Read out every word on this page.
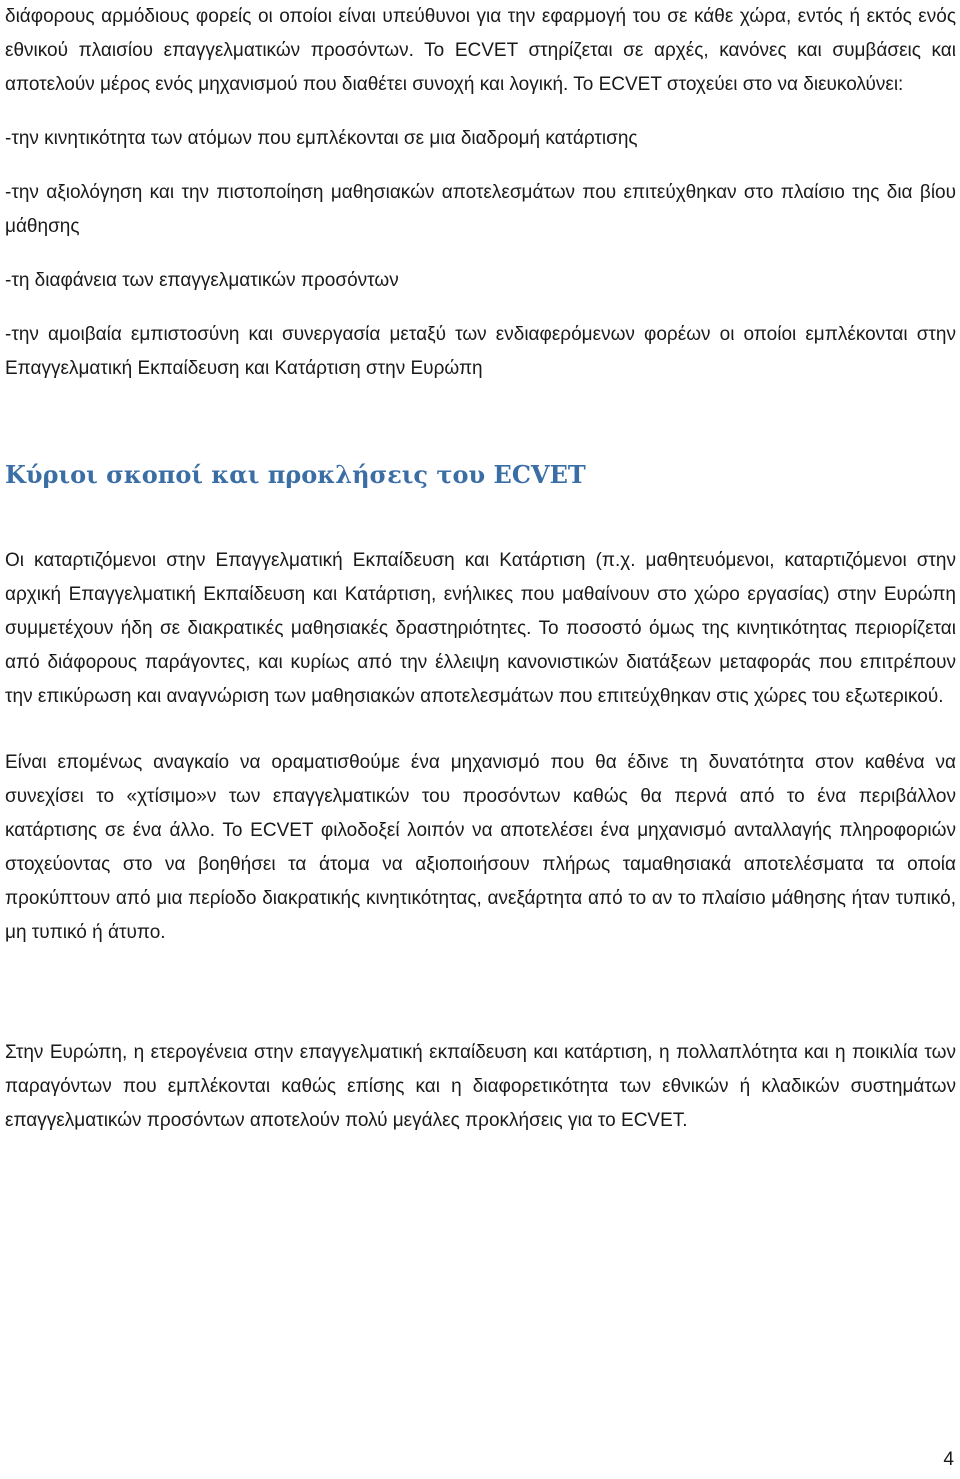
διάφορους αρμόδιους φορείς οι οποίοι είναι υπεύθυνοι για την εφαρμογή του σε κάθε χώρα, εντός ή εκτός ενός εθνικού πλαισίου επαγγελματικών προσόντων. Το ECVET στηρίζεται σε αρχές, κανόνες και συμβάσεις και αποτελούν μέρος ενός μηχανισμού που διαθέτει συνοχή και λογική. Το ECVET στοχεύει στο να διευκολύνει:

-την κινητικότητα των ατόμων που εμπλέκονται σε μια διαδρομή κατάρτισης

-την αξιολόγηση και την πιστοποίηση μαθησιακών αποτελεσμάτων που επιτεύχθηκαν στο πλαίσιο της δια βίου μάθησης

-τη διαφάνεια των επαγγελματικών προσόντων

-την αμοιβαία εμπιστοσύνη και συνεργασία μεταξύ των ενδιαφερόμενων φορέων οι οποίοι εμπλέκονται στην Επαγγελματική Εκπαίδευση και Κατάρτιση στην Ευρώπη

Κύριοι σκοποί και προκλήσεις του ECVET

Οι καταρτιζόμενοι στην Επαγγελματική Εκπαίδευση και Κατάρτιση (π.χ. μαθητευόμενοι, καταρτιζόμενοι στην αρχική Επαγγελματική Εκπαίδευση και Κατάρτιση, ενήλικες που μαθαίνουν στο χώρο εργασίας) στην Ευρώπη συμμετέχουν ήδη σε διακρατικές μαθησιακές δραστηριότητες. Το ποσοστό όμως της κινητικότητας περιορίζεται από διάφορους παράγοντες, και κυρίως από την έλλειψη κανονιστικών διατάξεων μεταφοράς που επιτρέπουν την επικύρωση και αναγνώριση των μαθησιακών αποτελεσμάτων που επιτεύχθηκαν στις χώρες του εξωτερικού.

Είναι επομένως αναγκαίο να οραματισθούμε ένα μηχανισμό που θα έδινε τη δυνατότητα στον καθένα να συνεχίσει το «χτίσιμο»ν των επαγγελματικών του προσόντων καθώς θα περνά από το ένα περιβάλλον κατάρτισης σε ένα άλλο. Το ECVET φιλοδοξεί λοιπόν να αποτελέσει ένα μηχανισμό ανταλλαγής πληροφοριών στοχεύοντας στο να βοηθήσει τα άτομα να αξιοποιήσουν πλήρως ταμαθησιακά αποτελέσματα τα οποία προκύπτουν από μια περίοδο διακρατικής κινητικότητας, ανεξάρτητα από το αν το πλαίσιο μάθησης ήταν τυπικό, μη τυπικό ή άτυπο.

Στην Ευρώπη, η ετερογένεια στην επαγγελματική εκπαίδευση και κατάρτιση, η πολλαπλότητα και η ποικιλία των παραγόντων που εμπλέκονται καθώς επίσης και η διαφορετικότητα των εθνικών ή κλαδικών συστημάτων επαγγελματικών προσόντων αποτελούν πολύ μεγάλες προκλήσεις για το ECVET.

4
